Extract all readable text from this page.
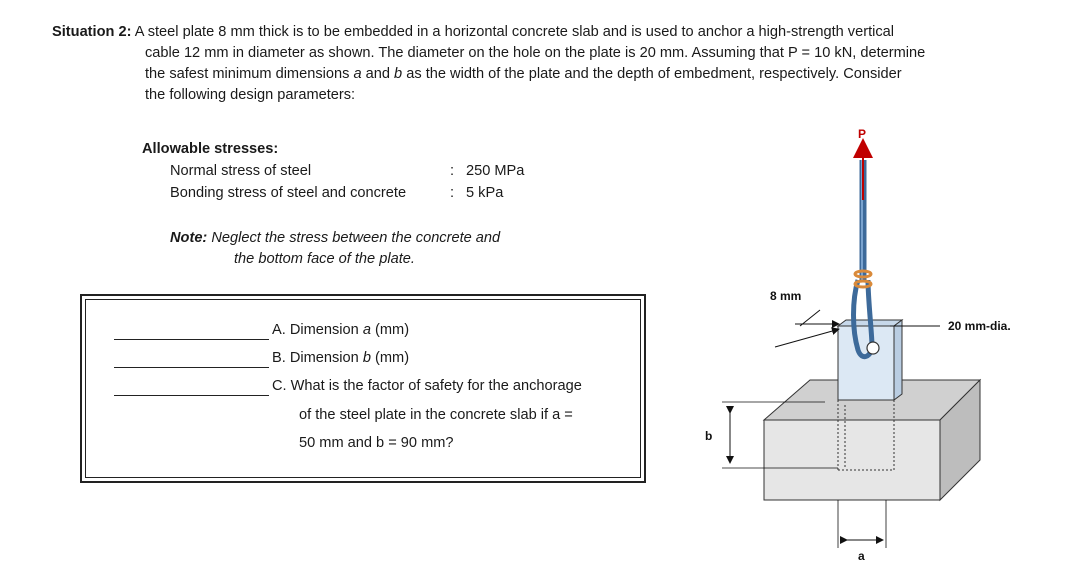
Situation 2: A steel plate 8 mm thick is to be embedded in a horizontal concrete slab and is used to anchor a high-strength vertical
cable 12 mm in diameter as shown. The diameter on the hole on the plate is 20 mm. Assuming that P = 10 kN, determine
the safest minimum dimensions a and b as the width of the plate and the depth of embedment, respectively. Consider
the following design parameters:
Allowable stresses:
Normal stress of steel	: 250 MPa
Bonding stress of steel and concrete	: 5 kPa
Note: Neglect the stress between the concrete and
the bottom face of the plate.
A. Dimension a (mm)
B. Dimension b (mm)
C. What is the factor of safety for the anchorage
of the steel plate in the concrete slab if a =
50 mm and b = 90 mm?
P
8 mm
20 mm-dia.
b
a
